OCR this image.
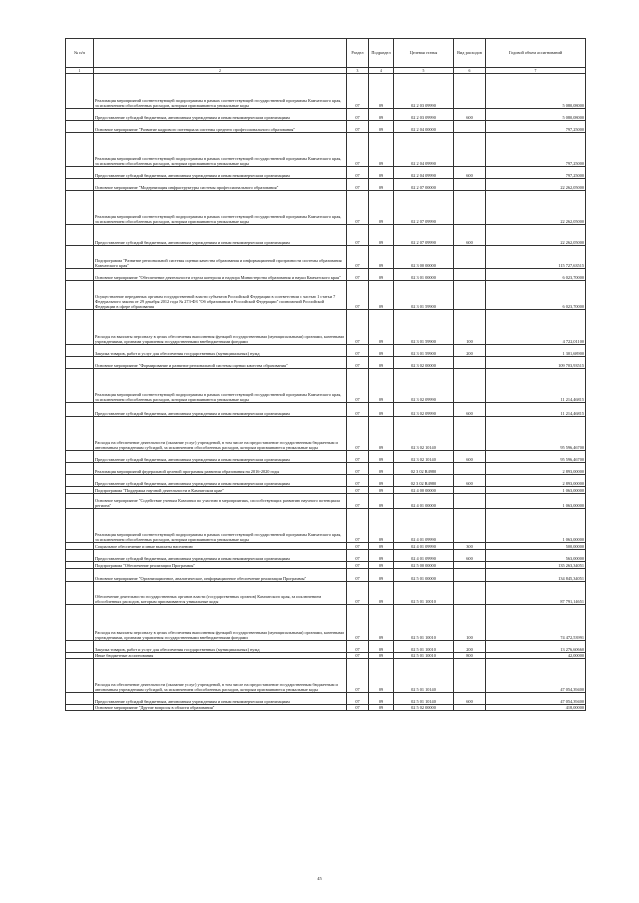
№ п/п		Раздел	Подраздел	Целевая статья	Вид расходов	Годовой объем ассигнований
1	2	3	4	5	6	7
	Реализация мероприятий соответствующей подпрограммы в рамках соответствующей государственной программы Камчатского края, за исключением обособленных расходов, которым присваиваются уникальные коды	07	09	02 2 03 09990		5 080,08000
	Предоставление субсидий бюджетным, автономным учреждениям и иным некоммерческим организациям	07	09	02 2 03 09990	600	5 080,08000
	Основное мероприятие "Развитие кадрового потенциала системы среднего профессионального образования"	07	09	02 2 04 00000		797,25000
	Реализация мероприятий соответствующей подпрограммы в рамках соответствующей государственной программы Камчатского края, за исключением обособленных расходов, которым присваиваются уникальные коды	07	09	02 2 04 09990		797,25000
	Предоставление субсидий бюджетным, автономным учреждениям и иным некоммерческим организациям	07	09	02 2 04 09990	600	797,25000
	Основное мероприятие "Модернизация инфраструктуры системы профессионального образования"	07	09	02 2 07 00000		22 262,05000
	Реализация мероприятий соответствующей подпрограммы в рамках соответствующей государственной программы Камчатского края, за исключением обособленных расходов, которым присваиваются уникальные коды	07	09	02 2 07 09990		22 262,05000
	Предоставление субсидий бюджетным, автономным учреждениям и иным некоммерческим организациям	07	09	02 2 07 09990	600	22 262,05000
	Подпрограмма "Развитие региональной системы оценки качества образования и информационной прозрачности системы образования Камчатского края"	07	09	02 3 00 00000		115 727,63515
	Основное мероприятие "Обеспечение деятельности отдела контроля и надзора Министерства образования и науки Камчатского края"	07	09	02 3 01 00000		6 023,70000
	Осуществление переданных органам государственной власти субъектов Российской Федерации в соответствии с частью 1 статьи 7 Федерального закона от 29 декабря 2012 года № 273-ФЗ "Об образовании в Российской Федерации" полномочий Российской Федерации в сфере образования	07	09	02 3 01 59900		6 023,70000
	Расходы на выплаты персоналу в целях обеспечения выполнения функций государственными (муниципальными) органами, казенными учреждениями, органами управления государственными внебюджетными фондами	07	09	02 3 01 59900	100	4 722,01100
	Закупка товаров, работ и услуг для обеспечения государственных (муниципальных) нужд	07	09	02 3 01 59900	200	1 301,68900
	Основное мероприятие "Формирование и развитие региональной системы оценки качества образования"	07	09	02 3 02 00000		109 703,93515
	Реализация мероприятий соответствующей подпрограммы в рамках соответствующей государственной программы Камчатского края, за исключением обособленных расходов, которым присваиваются уникальные коды	07	09	02 3 02 09990		11 214,46815
	Предоставление субсидий бюджетным, автономным учреждениям и иным некоммерческим организациям	07	09	02 3 02 09990	600	11 214,46815
	Расходы на обеспечение деятельности (оказание услуг) учреждений, в том числе на предоставление государственным бюджетным и автономным учреждениям субсидий, за исключением обособленных расходов, которым присваиваются уникальные коды	07	09	02 3 02 10140		95 596,46700
	Предоставление субсидий бюджетным, автономным учреждениям и иным некоммерческим организациям	07	09	02 3 02 10140	600	95 596,46700
	Реализация мероприятий федеральной целевой программы развития образования на 2016-2020 годы	07	09	02 3 02 R4980		2 893,00000
	Предоставление субсидий бюджетным, автономным учреждениям и иным некоммерческим организациям	07	09	02 3 02 R4980	600	2 893,00000
	Подпрограмма "Поддержка научной деятельности в Камчатском крае"	07	09	02 4 00 00000		1 063,00000
	Основное мероприятие "Содействие ученым Камчатки по участию в мероприятиях, способствующих развитию научного потенциала региона"	07	09	02 4 01 00000		1 063,00000
	Реализация мероприятий соответствующей подпрограммы в рамках соответствующей государственной программы Камчатского края, за исключением обособленных расходов, которым присваиваются уникальные коды	07	09	02 4 01 09990		1 063,00000
	Социальное обеспечение и иные выплаты населению	07	09	02 4 01 09990	300	500,00000
	Предоставление субсидий бюджетным, автономным учреждениям и иным некоммерческим организациям	07	09	02 4 01 09990	600	563,00000
	Подпрограмма "Обеспечение реализации Программы"	07	09	02 5 00 00000		135 263,34051
	Основное мероприятие "Организационное, аналитическое, информационное обеспечение реализации Программы"	07	09	02 5 01 00000		134 845,34051
	Обеспечение деятельности государственных органов власти (государственных органов) Камчатского края, за исключением обособленных расходов, которым присваиваются уникальные коды	07	09	02 5 01 10010		87 791,14651
	Расходы на выплаты персоналу в целях обеспечения выполнения функций государственными (муниципальными) органами, казенными учреждениями, органами управления государственными внебюджетными фондами	07	09	02 5 01 10010	100	74 472,53991
	Закупка товаров, работ и услуг для обеспечения государственных (муниципальных) нужд	07	09	02 5 01 10010	200	13 276,60660
	Иные бюджетные ассигнования	07	09	02 5 01 10010	800	42,00000
	Расходы на обеспечение деятельности (оказание услуг) учреждений, в том числе на предоставление государственным бюджетным и автономным учреждениям субсидий, за исключением обособленных расходов, которым присваиваются уникальные коды	07	09	02 5 01 10140		47 054,39400
	Предоставление субсидий бюджетным, автономным учреждениям и иным некоммерческим организациям	07	09	02 5 01 10140	600	47 054,39400
	Основное мероприятие "Другие вопросы в области образования"	07	09	02 5 02 00000		418,00000
45
